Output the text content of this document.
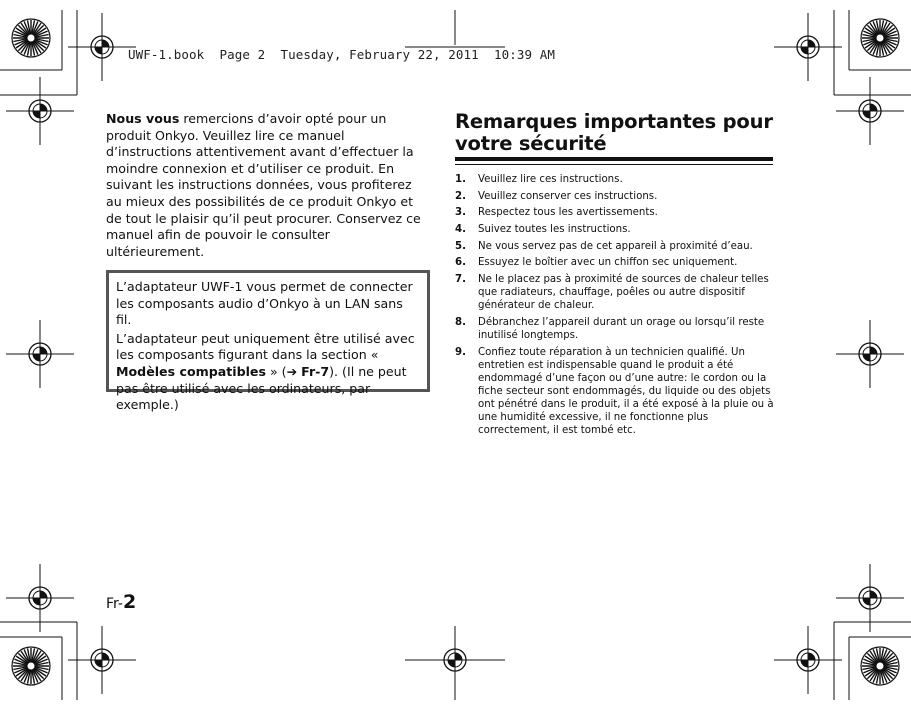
UWF-1.book  Page 2  Tuesday, February 22, 2011  10:39 AM
Nous vous remercions d’avoir opté pour un produit Onkyo. Veuillez lire ce manuel d’instructions attentivement avant d’effectuer la moindre connexion et d’utiliser ce produit. En suivant les instructions données, vous profiterez au mieux des possibilités de ce produit Onkyo et de tout le plaisir qu’il peut procurer. Conservez ce manuel afin de pouvoir le consulter ultérieurement.

L’adaptateur UWF-1 vous permet de connecter les composants audio d’Onkyo à un LAN sans fil.

L’adaptateur peut uniquement être utilisé avec les composants figurant dans la section « Modèles compatibles » (➔ Fr-7). (Il ne peut pas être utilisé avec les ordinateurs, par exemple.)

Remarques importantes pour votre sécurité
1. Veuillez lire ces instructions.
2. Veuillez conserver ces instructions.
3. Respectez tous les avertissements.
4. Suivez toutes les instructions.
5. Ne vous servez pas de cet appareil à proximité d’eau.
6. Essuyez le boîtier avec un chiffon sec uniquement.
7. Ne le placez pas à proximité de sources de chaleur telles que radiateurs, chauffage, poêles ou autre dispositif générateur de chaleur.
8. Débranchez l’appareil durant un orage ou lorsqu’il reste inutilisé longtemps.
9. Confiez toute réparation à un technicien qualifié. Un entretien est indispensable quand le produit a été endommagé d’une façon ou d’une autre: le cordon ou la fiche secteur sont endommagés, du liquide ou des objets ont pénétré dans le produit, il a été exposé à la pluie ou à une humidité excessive, il ne fonctionne plus correctement, il est tombé etc.
Fr-2
